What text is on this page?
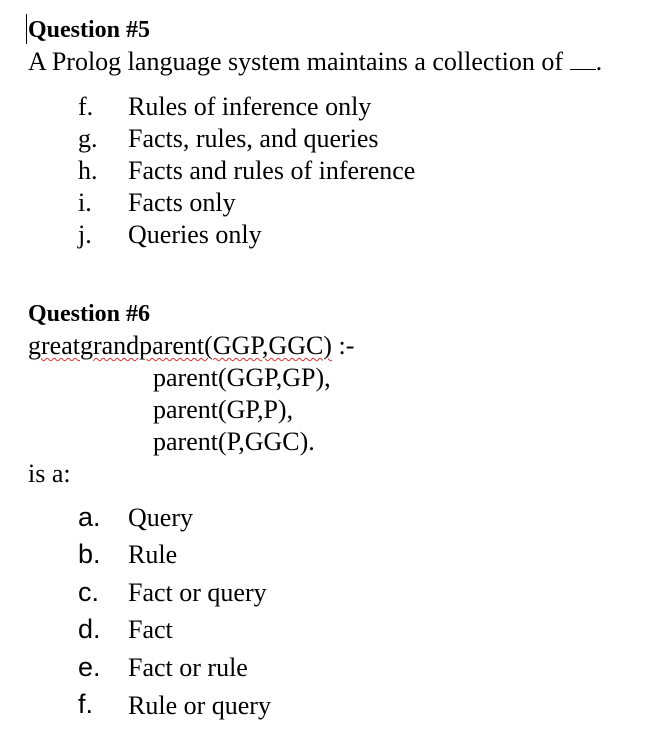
Question #5
A Prolog language system maintains a collection of .
f. Rules of inference only
g. Facts, rules, and queries
h. Facts and rules of inference
i. Facts only
j. Queries only
Question #6
greatgrandparent(GGP,GGC) :-
parent(GGP,GP),
parent(GP,P),
parent(P,GGC).
is a:
a. Query
b. Rule
c. Fact or query
d. Fact
e. Fact or rule
f. Rule or query
